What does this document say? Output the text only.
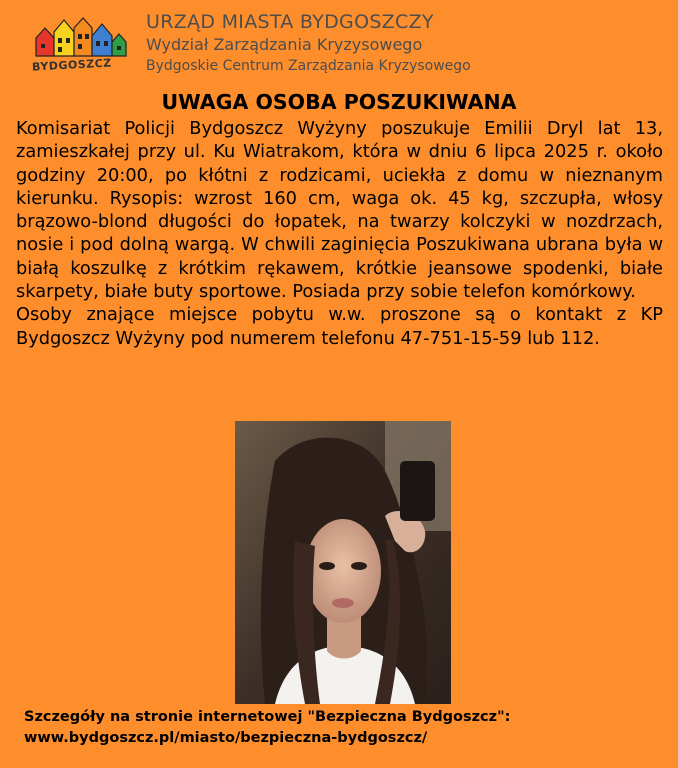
BYDGOSZCZ
URZĄD MIASTA BYDGOSZCZY
Wydział Zarządzania Kryzysowego
Bydgoskie Centrum Zarządzania Kryzysowego
UWAGA OSOBA POSZUKIWANA

Komisariat Policji Bydgoszcz Wyżyny poszukuje Emilii Dryl lat 13, zamieszkałej przy ul. Ku Wiatrakom, która w dniu 6 lipca 2025 r. około godziny 20:00, po kłótni z rodzicami, uciekła z domu w nieznanym kierunku. Rysopis: wzrost 160 cm, waga ok. 45 kg, szczupła, włosy brązowo-blond długości do łopatek, na twarzy kolczyki w nozdrzach, nosie i pod dolną wargą. W chwili zaginięcia Poszukiwana ubrana była w białą koszulkę z krótkim rękawem, krótkie jeansowe spodenki, białe skarpety, białe buty sportowe. Posiada przy sobie telefon komórkowy.

Osoby znające miejsce pobytu w.w. proszone są o kontakt z KP Bydgoszcz Wyżyny pod numerem telefonu 47-751-15-59 lub 112.

Szczegóły na stronie internetowej "Bezpieczna Bydgoszcz":
www.bydgoszcz.pl/miasto/bezpieczna-bydgoszcz/
